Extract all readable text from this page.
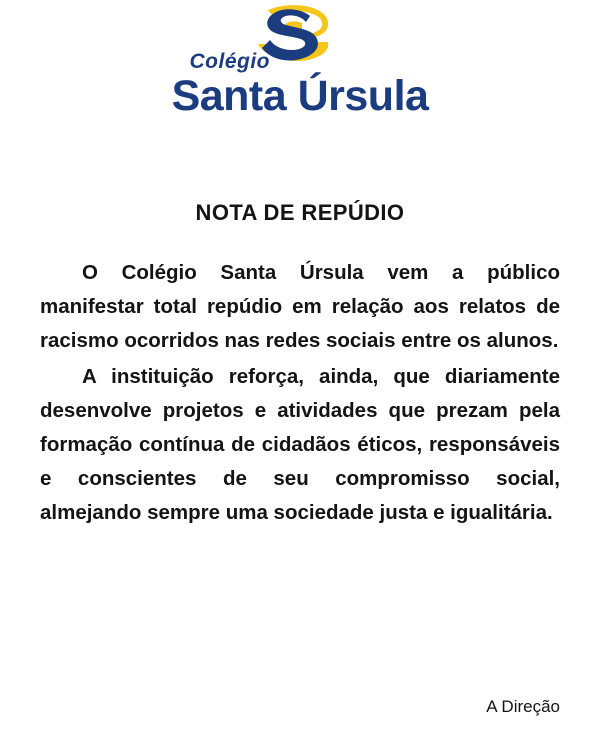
Colégio
Santa Úrsula
NOTA DE REPÚDIO

O Colégio Santa Úrsula vem a público manifestar total repúdio em relação aos relatos de racismo ocorridos nas redes sociais entre os alunos.

A instituição reforça, ainda, que diariamente desenvolve projetos e atividades que prezam pela formação contínua de cidadãos éticos, responsáveis e conscientes de seu compromisso social, almejando sempre uma sociedade justa e igualitária.

A Direção
